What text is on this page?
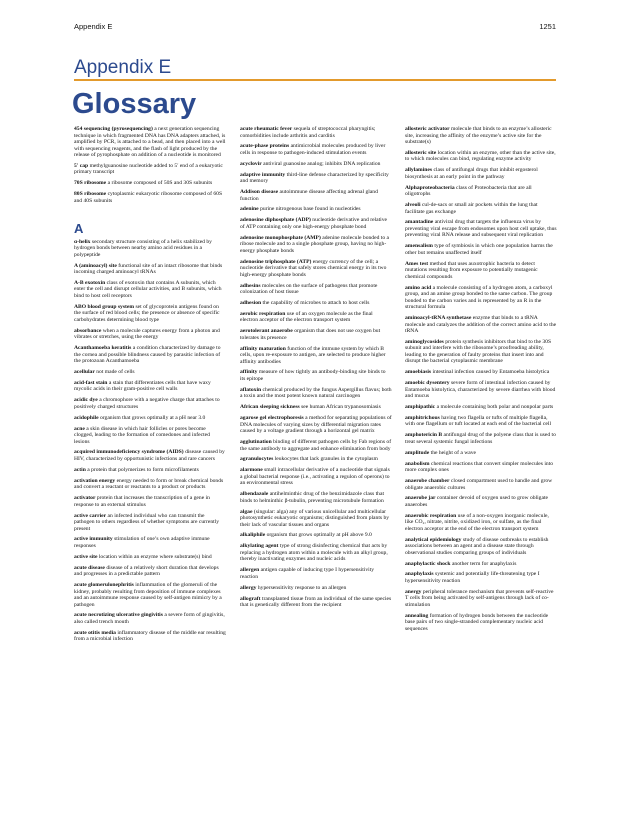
Appendix E	1251
Appendix E
Glossary
454 sequencing (pyrosequencing) a next generation sequencing technique in which fragmented DNA has DNA adapters attached, is amplified by PCR, is attached to a bead, and then placed into a well with sequencing reagents, and the flash of light produced by the release of pyrophosphate on addition of a nucleotide is monitored
5′ cap methylguanosine nucleotide added to 5′ end of a eukaryotic primary transcript
70S ribosome a ribosome composed of 50S and 30S subunits
80S ribosome cytoplasmic eukaryotic ribosome composed of 60S and 40S subunits
A
α-helix secondary structure consisting of a helix stabilized by hydrogen bonds between nearby amino acid residues in a polypeptide
A (aminoacyl) site functional site of an intact ribosome that binds incoming charged aminoacyl tRNAs
A-B exotoxin class of exotoxin that contains A subunits, which enter the cell and disrupt cellular activities, and B subunits, which bind to host cell receptors
ABO blood group system set of glycoprotein antigens found on the surface of red blood cells; the presence or absence of specific carbohydrates determining blood type
absorbance when a molecule captures energy from a photon and vibrates or stretches, using the energy
Acanthamoeba keratitis a condition characterized by damage to the cornea and possible blindness caused by parasitic infection of the protozoan Acanthamoeba
acellular not made of cells
acid-fast stain a stain that differentiates cells that have waxy mycolic acids in their gram-positive cell walls
acidic dye a chromophore with a negative charge that attaches to positively charged structures
acidophile organism that grows optimally at a pH near 3.0
acne a skin disease in which hair follicles or pores become clogged, leading to the formation of comedones and infected lesions
acquired immunodeficiency syndrome (AIDS) disease caused by HIV, characterized by opportunistic infections and rare cancers
actin a protein that polymerizes to form microfilaments
activation energy energy needed to form or break chemical bonds and convert a reactant or reactants to a product or products
activator protein that increases the transcription of a gene in response to an external stimulus
active carrier an infected individual who can transmit the pathogen to others regardless of whether symptoms are currently present
active immunity stimulation of one’s own adaptive immune responses
active site location within an enzyme where substrate(s) bind
acute disease disease of a relatively short duration that develops and progresses in a predictable pattern
acute glomerulonephritis inflammation of the glomeruli of the kidney, probably resulting from deposition of immune complexes and an autoimmune response caused by self-antigen mimicry by a pathogen
acute necrotizing ulcerative gingivitis a severe form of gingivitis, also called trench mouth
acute otitis media inflammatory disease of the middle ear resulting from a microbial infection
acute rheumatic fever sequela of streptococcal pharyngitis; comorbidities include arthritis and carditis
acute-phase proteins antimicrobial molecules produced by liver cells in response to pathogen-induced stimulation events
acyclovir antiviral guanosine analog; inhibits DNA replication
adaptive immunity third-line defense characterized by specificity and memory
Addison disease autoimmune disease affecting adrenal gland function
adenine purine nitrogenous base found in nucleotides
adenosine diphosphate (ADP) nucleotide derivative and relative of ATP containing only one high-energy phosphate bond
adenosine monophosphate (AMP) adenine molecule bonded to a ribose molecule and to a single phosphate group, having no high-energy phosphate bonds
adenosine triphosphate (ATP) energy currency of the cell; a nucleotide derivative that safely stores chemical energy in its two high-energy phosphate bonds
adhesins molecules on the surface of pathogens that promote colonization of host tissue
adhesion the capability of microbes to attach to host cells
aerobic respiration use of an oxygen molecule as the final electron acceptor of the electron transport system
aerotolerant anaerobe organism that does not use oxygen but tolerates its presence
affinity maturation function of the immune system by which B cells, upon re-exposure to antigen, are selected to produce higher affinity antibodies
affinity measure of how tightly an antibody-binding site binds to its epitope
aflatoxin chemical produced by the fungus Aspergillus flavus; both a toxin and the most potent known natural carcinogen
African sleeping sickness see human African trypanosomiasis
agarose gel electrophoresis a method for separating populations of DNA molecules of varying sizes by differential migration rates caused by a voltage gradient through a horizontal gel matrix
agglutination binding of different pathogen cells by Fab regions of the same antibody to aggregate and enhance elimination from body
agranulocytes leukocytes that lack granules in the cytoplasm
alarmone small intracellular derivative of a nucleotide that signals a global bacterial response (i.e., activating a regulon of operons) to an environmental stress
albendazole antihelminthic drug of the benzimidazole class that binds to helminthic β-tubulin, preventing microtubule formation
algae (singular: alga) any of various unicellular and multicellular photosynthetic eukaryotic organisms; distinguished from plants by their lack of vascular tissues and organs
alkaliphile organism that grows optimally at pH above 9.0
alkylating agent type of strong disinfecting chemical that acts by replacing a hydrogen atom within a molecule with an alkyl group, thereby inactivating enzymes and nucleic acids
allergen antigen capable of inducing type I hypersensitivity reaction
allergy hypersensitivity response to an allergen
allograft transplanted tissue from an individual of the same species that is genetically different from the recipient
allosteric activator molecule that binds to an enzyme’s allosteric site, increasing the affinity of the enzyme’s active site for the substrate(s)
allosteric site location within an enzyme, other than the active site, to which molecules can bind, regulating enzyme activity
allylamines class of antifungal drugs that inhibit ergosterol biosynthesis at an early point in the pathway
Alphaproteobacteria class of Proteobacteria that are all oligotrophs
alveoli cul-de-sacs or small air pockets within the lung that facilitate gas exchange
amantadine antiviral drug that targets the influenza virus by preventing viral escape from endosomes upon host cell uptake, thus preventing viral RNA release and subsequent viral replication
amensalism type of symbiosis in which one population harms the other but remains unaffected itself
Ames test method that uses auxotrophic bacteria to detect mutations resulting from exposure to potentially mutagenic chemical compounds
amino acid a molecule consisting of a hydrogen atom, a carboxyl group, and an amine group bonded to the same carbon. The group bonded to the carbon varies and is represented by an R in the structural formula
aminoacyl-tRNA synthetase enzyme that binds to a tRNA molecule and catalyzes the addition of the correct amino acid to the tRNA
aminoglycosides protein synthesis inhibitors that bind to the 30S subunit and interfere with the ribosome’s proofreading ability, leading to the generation of faulty proteins that insert into and disrupt the bacterial cytoplasmic membrane
amoebiasis intestinal infection caused by Entamoeba histolytica
amoebic dysentery severe form of intestinal infection caused by Entamoeba histolytica, characterized by severe diarrhea with blood and mucus
amphipathic a molecule containing both polar and nonpolar parts
amphitrichous having two flagella or tufts of multiple flagella, with one flagellum or tuft located at each end of the bacterial cell
amphotericin B antifungal drug of the polyene class that is used to treat several systemic fungal infections
amplitude the height of a wave
anabolism chemical reactions that convert simpler molecules into more complex ones
anaerobe chamber closed compartment used to handle and grow obligate anaerobic cultures
anaerobe jar container devoid of oxygen used to grow obligate anaerobes
anaerobic respiration use of a non-oxygen inorganic molecule, like CO₂, nitrate, nitrite, oxidized iron, or sulfate, as the final electron acceptor at the end of the electron transport system
analytical epidemiology study of disease outbreaks to establish associations between an agent and a disease state through observational studies comparing groups of individuals
anaphylactic shock another term for anaphylaxis
anaphylaxis systemic and potentially life-threatening type I hypersensitivity reaction
anergy peripheral tolerance mechanism that prevents self-reactive T cells from being activated by self-antigens through lack of co-stimulation
annealing formation of hydrogen bonds between the nucleotide base pairs of two single-stranded complementary nucleic acid sequences
